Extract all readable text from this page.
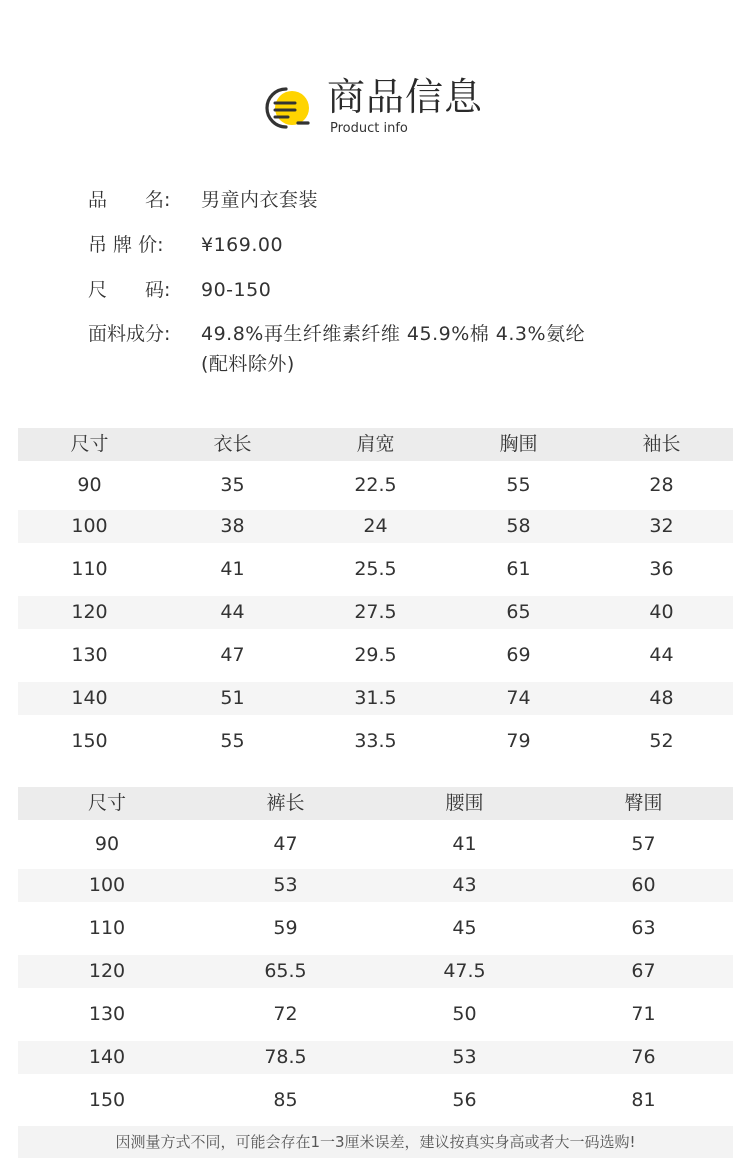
商品信息
Product info
品　　名:	男童内衣套装
吊 牌 价:	¥169.00
尺　　码:	90-150
面料成分:	49.8%再生纤维素纤维 45.9%棉 4.3%氨纶
(配料除外)
尺寸	衣长	肩宽	胸围	袖长
90	35	22.5	55	28
100	38	24	58	32
110	41	25.5	61	36
120	44	27.5	65	40
130	47	29.5	69	44
140	51	31.5	74	48
150	55	33.5	79	52
尺寸	裤长	腰围	臀围
90	47	41	57
100	53	43	60
110	59	45	63
120	65.5	47.5	67
130	72	50	71
140	78.5	53	76
150	85	56	81
因测量方式不同，可能会存在1一3厘米误差，建议按真实身高或者大一码选购!
